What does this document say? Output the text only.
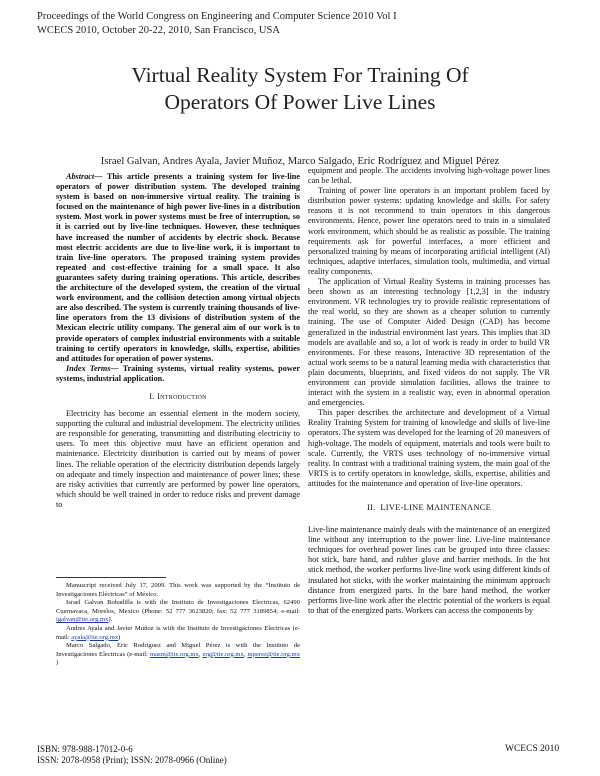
Proceedings of the World Congress on Engineering and Computer Science 2010 Vol I
WCECS 2010, October 20-22, 2010, San Francisco, USA
Virtual Reality System For Training Of
Operators Of Power Live Lines
Israel Galvan, Andres Ayala, Javier Muñoz, Marco Salgado, Eric Rodríguez and Miguel Pérez

Abstract— This article presents a training system for live-line operators of power distribution system. The developed training system is based on non-immersive virtual reality. The training is focused on the maintenance of high power live-lines in a distribution system. Most work in power systems must be free of interruption, so it is carried out by live-line techniques. However, these techniques have increased the number of accidents by electric shock. Because most electric accidents are due to live-line work, it is important to train live-line operators. The proposed training system provides repeated and cost-effective training for a small space. It also guarantees safety during training operations. This article, describes the architecture of the developed system, the creation of the virtual work environment, and the collision detection among virtual objects are also described. The system is currently training thousands of live-line operators from the 13 divisions of distribution system of the Mexican electric utility company. The general aim of our work is to provide operators of complex industrial environments with a suitable training to certify operators in knowledge, skills, expertise, abilities and attitudes for operation of power systems.

Index Terms— Training systems, virtual reality systems, power systems, industrial application.

I. Introduction

Electricity has become an essential element in the modern society, supporting the cultural and industrial development. The electricity utilities are responsible for generating, transmitting and distributing electricity to users. To meet this objective must have an efficient operation and maintenance. Electricity distribution is carried out by means of power lines. The reliable operation of the electricity distribution depends largely on adequate and timely inspection and maintenance of power lines; these are risky activities that currently are performed by power line operators, which should be well trained in order to reduce risks and prevent damage to

Manuscript received July 17, 2009. This work was supported by the “Instituto de Investigaciones Eléctricas” of México.

Israel Galvan Bobadilla is with the Instituto de Investigaciones Electricas, 62490 Cuernavaca, Morelos, Mexico (Phone: 52 777 3623820; fax: 52 777 3189854; e-mail: igalvan@iie.org.mx).

Andres Ayala and Javier Muñoz is with the Instituto de Investigaciones Electricas (e-mail: ayala@iie.org.mx)

Marco Salgado, Eric Rodriguez and Miguel Pérez is with the Instituto de Investigaciones Electricas (e-mail: masm@iie.org.mx, erg@iie.org.mx, mperez@iie.org.mx )

equipment and people. The accidents involving high-voltage power lines can be lethal.

Training of power line operators is an important problem faced by distribution power systems: updating knowledge and skills. For safety reasons it is not recommend to train operators in this dangerous environments. Hence, power line operators need to train in a simulated work environment, which should be as realistic as possible. The training requirements ask for powerful interfaces, a more efficient and personalized training by means of incorporating artificial intelligent (AI) techniques, adaptive interfaces, simulation tools, multimedia, and virtual reality components.

The application of Virtual Reality Systems in training processes has been shown as an interesting technology [1,2,3] in the industry environment. VR technologies try to provide realistic representations of the real world, so they are shown as a cheaper solution to currently training. The use of Computer Aided Design (CAD) has become generalized in the industrial environment last years. This implies that 3D models are available and so, a lot of work is ready in order to build VR environments. For these reasons, Interactive 3D representation of the actual work seems to be a natural learning media with characteristics that plain documents, blueprints, and fixed videos do not supply. The VR environment can provide simulation facilities, allows the trainee to interact with the system in a realistic way, even in abnormal operation and emergencies.

This paper describes the architecture and development of a Virtual Reality Training System for training of knowledge and skills of live-line operators. The system was developed for the learning of 20 maneuvers of high-voltage. The models of equipment, materials and tools were built to scale. Currently, the VRTS uses technology of no-immersive virtual reality. In contrast with a traditional training system, the main goal of the VRTS is to certify operators in knowledge, skills, expertise, abilities and attitudes for the maintenance and operation of live-line operators.

II. LIVE-LINE MAINTENANCE

Live-line maintenance mainly deals with the maintenance of an energized line without any interruption to the power line. Live-line maintenance techniques for overhead power lines can be grouped into three classes: hot stick, bare hand, and rubber glove and barrier methods. In the hot stick method, the worker performs live-line work using different kinds of insulated hot sticks, with the worker maintaining the minimum approach distance from energized parts. In the bare hand method, the worker performs live-line work after the electric potential of the workers is equal to that of the energized parts. Workers can access the components by

ISBN: 978-988-17012-0-6
ISSN: 2078-0958 (Print); ISSN: 2078-0966 (Online)
WCECS 2010
